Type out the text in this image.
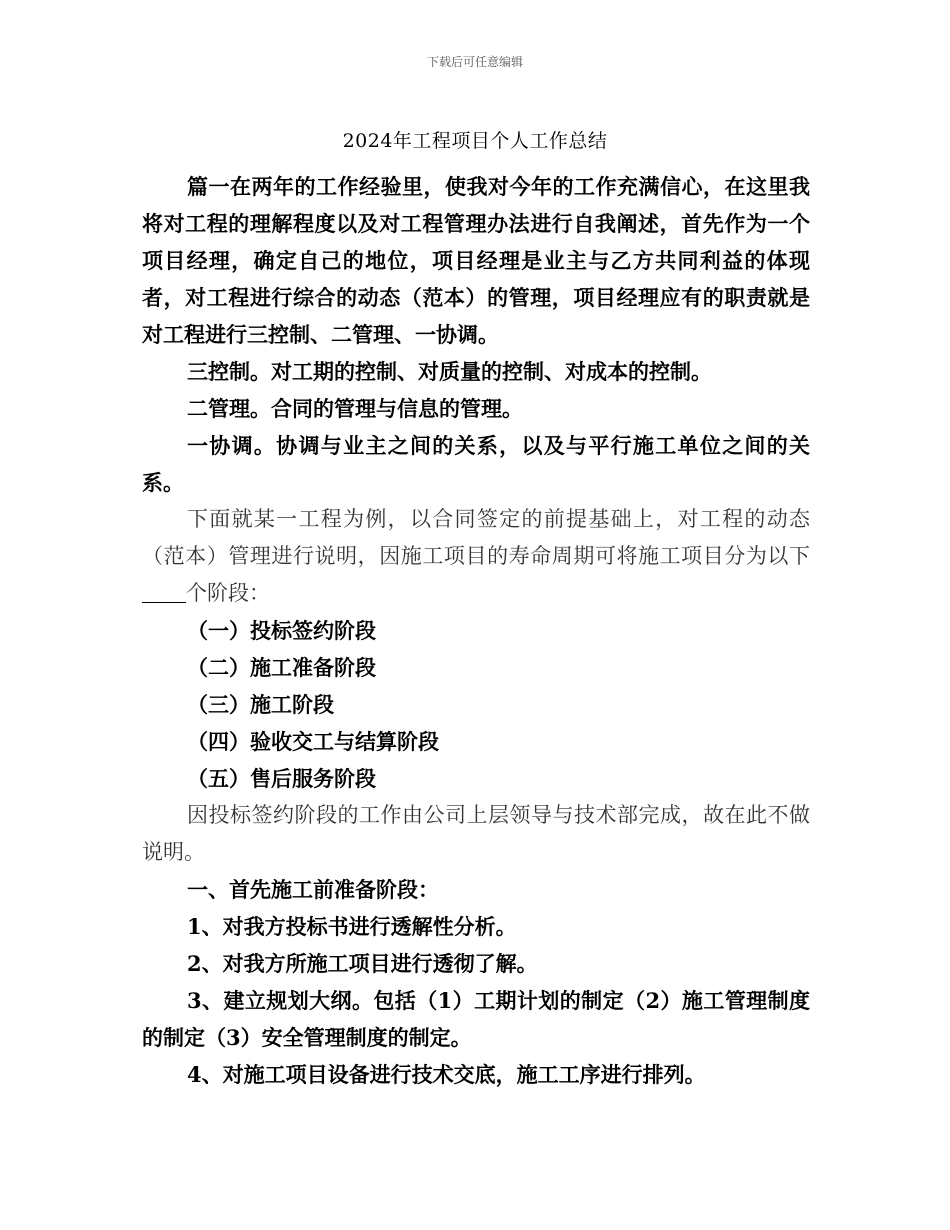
下载后可任意编辑
2024年工程项目个人工作总结

篇一在两年的工作经验里，使我对今年的工作充满信心，在这里我将对工程的理解程度以及对工程管理办法进行自我阐述，首先作为一个项目经理，确定自己的地位，项目经理是业主与乙方共同利益的体现者，对工程进行综合的动态（范本）的管理，项目经理应有的职责就是对工程进行三控制、二管理、一协调。

三控制。对工期的控制、对质量的控制、对成本的控制。

二管理。合同的管理与信息的管理。

一协调。协调与业主之间的关系，以及与平行施工单位之间的关系。

下面就某一工程为例，以合同签定的前提基础上，对工程的动态（范本）管理进行说明，因施工项目的寿命周期可将施工项目分为以下个阶段：

（一）投标签约阶段

（二）施工准备阶段

（三）施工阶段

（四）验收交工与结算阶段

（五）售后服务阶段

因投标签约阶段的工作由公司上层领导与技术部完成，故在此不做说明。

一、首先施工前准备阶段：

1、对我方投标书进行透解性分析。

2、对我方所施工项目进行透彻了解。

3、建立规划大纲。包括（1）工期计划的制定（2）施工管理制度的制定（3）安全管理制度的制定。

4、对施工项目设备进行技术交底，施工工序进行排列。
